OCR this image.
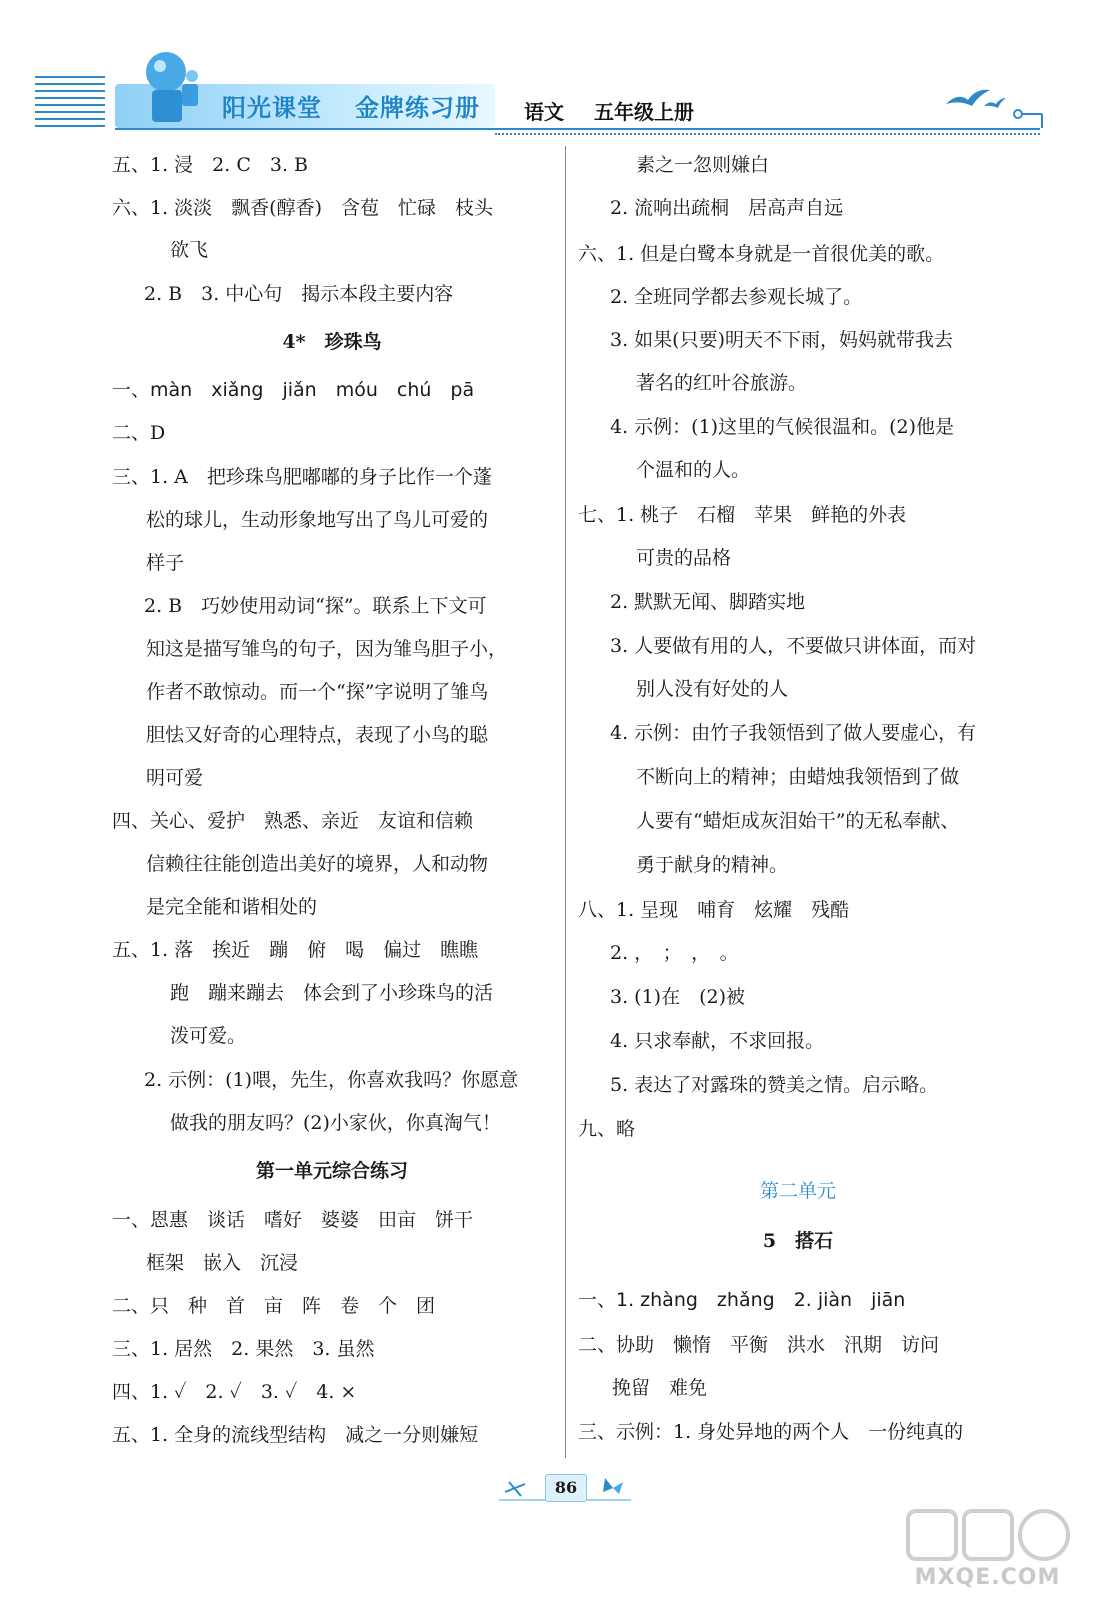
阳光课堂 金牌练习册 语文 五年级上册
五、1. 浸　2. C　3. B
六、1. 淡淡　飘香(醇香)　含苞　忙碌　枝头
欲飞
2. B　3. 中心句　揭示本段主要内容
4*　珍珠鸟
一、màn　xiǎng　jiǎn　móu　chú　pā
二、D
三、1. A　把珍珠鸟肥嘟嘟的身子比作一个蓬
松的球儿，生动形象地写出了鸟儿可爱的
样子
2. B　巧妙使用动词“探”。联系上下文可
知这是描写雏鸟的句子，因为雏鸟胆子小，
作者不敢惊动。而一个“探”字说明了雏鸟
胆怯又好奇的心理特点，表现了小鸟的聪
明可爱
四、关心、爱护　熟悉、亲近　友谊和信赖
信赖往往能创造出美好的境界，人和动物
是完全能和谐相处的
五、1. 落　挨近　蹦　俯　喝　偏过　瞧瞧
跑　蹦来蹦去　体会到了小珍珠鸟的活
泼可爱。
2. 示例：(1)喂，先生，你喜欢我吗？你愿意
做我的朋友吗？(2)小家伙，你真淘气！
第一单元综合练习
一、恩惠　谈话　嗜好　婆婆　田亩　饼干
框架　嵌入　沉浸
二、只　种　首　亩　阵　卷　个　团
三、1. 居然　2. 果然　3. 虽然
四、1. ✓　2. ✓　3. ✓　4. ×
五、1. 全身的流线型结构　减之一分则嫌短
素之一忽则嫌白
2. 流响出疏桐　居高声自远
六、1. 但是白鹭本身就是一首很优美的歌。
2. 全班同学都去参观长城了。
3. 如果(只要)明天不下雨，妈妈就带我去
著名的红叶谷旅游。
4. 示例：(1)这里的气候很温和。(2)他是
个温和的人。
七、1. 桃子　石榴　苹果　鲜艳的外表
可贵的品格
2. 默默无闻、脚踏实地
3. 人要做有用的人，不要做只讲体面，而对
别人没有好处的人
4. 示例：由竹子我领悟到了做人要虚心，有
不断向上的精神；由蜡烛我领悟到了做
人要有“蜡炬成灰泪始干”的无私奉献、
勇于献身的精神。
八、1. 呈现　哺育　炫耀　残酷
2. ，　；　，　。
3. (1)在　(2)被
4. 只求奉献，不求回报。
5. 表达了对露珠的赞美之情。启示略。
九、略
第二单元
5　搭石
一、1. zhàng　zhǎng　2. jiàn　jiān
二、协助　懒惰　平衡　洪水　汛期　访问
挽留　难免
三、示例：1. 身处异地的两个人　一份纯真的
86
MXQE.COM
